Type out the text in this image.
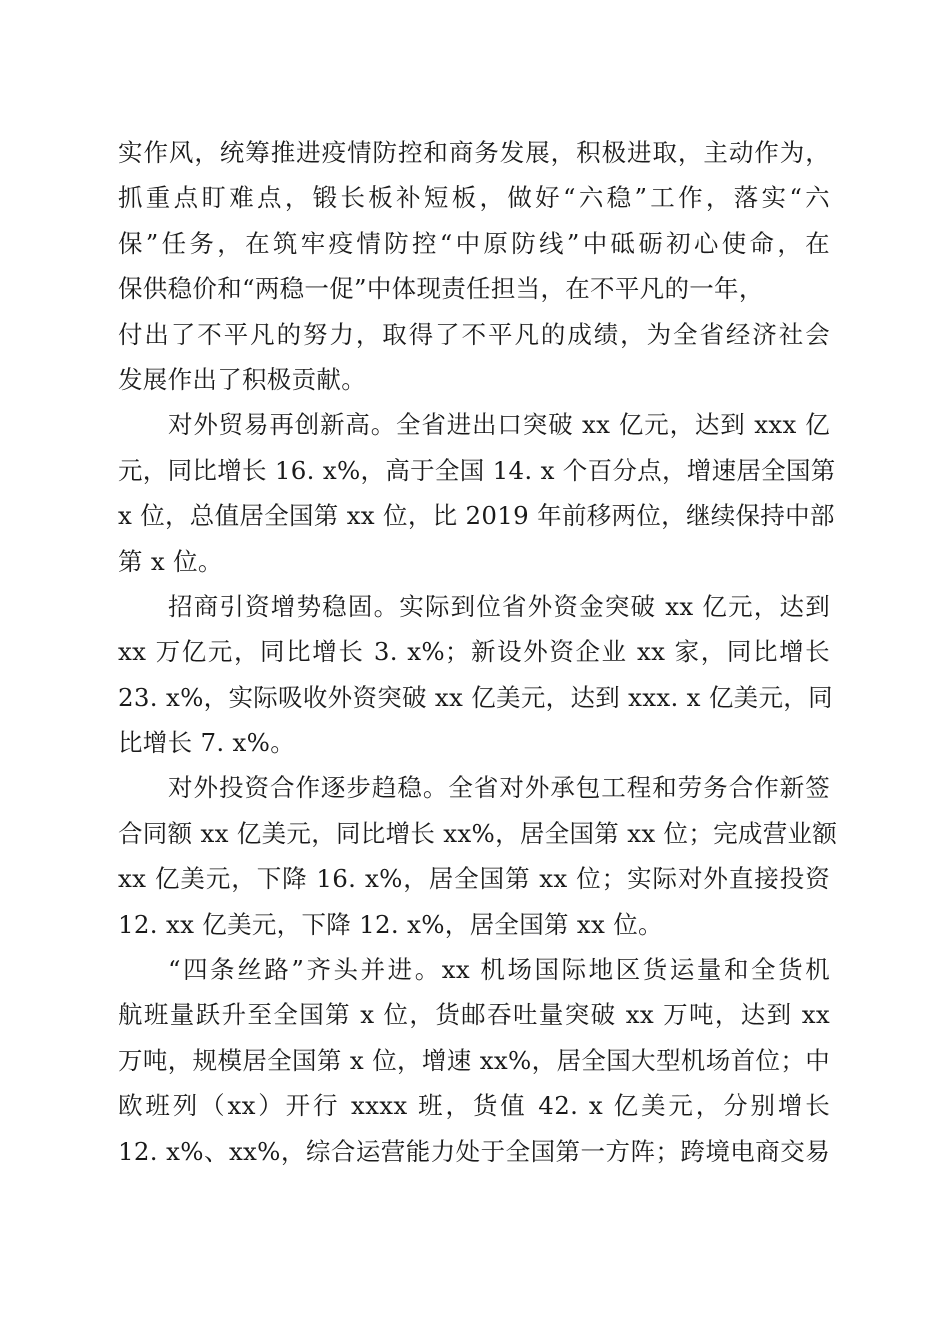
实作风，统筹推进疫情防控和商务发展，积极进取，主动作为，
抓重点盯难点，锻长板补短板，做好“六稳”工作，落实“六
保”任务，在筑牢疫情防控“中原防线”中砥砺初心使命，在
保供稳价和“两稳一促”中体现责任担当，在不平凡的一年，
付出了不平凡的努力，取得了不平凡的成绩，为全省经济社会
发展作出了积极贡献。
对外贸易再创新高。全省进出口突破 xx 亿元，达到 xxx 亿
元，同比增长 16. x%，高于全国 14. x 个百分点，增速居全国第
x 位，总值居全国第 xx 位，比 2019 年前移两位，继续保持中部
第 x 位。
招商引资增势稳固。实际到位省外资金突破 xx 亿元，达到
xx 万亿元，同比增长 3. x%；新设外资企业 xx 家，同比增长
23. x%，实际吸收外资突破 xx 亿美元，达到 xxx. x 亿美元，同
比增长 7. x%。
对外投资合作逐步趋稳。全省对外承包工程和劳务合作新签
合同额 xx 亿美元，同比增长 xx%，居全国第 xx 位；完成营业额
xx 亿美元，下降 16. x%，居全国第 xx 位；实际对外直接投资
12. xx 亿美元，下降 12. x%，居全国第 xx 位。
“四条丝路”齐头并进。xx 机场国际地区货运量和全货机
航班量跃升至全国第 x 位，货邮吞吐量突破 xx 万吨，达到 xx
万吨，规模居全国第 x 位，增速 xx%，居全国大型机场首位；中
欧班列（xx）开行 xxxx 班，货值 42. x 亿美元，分别增长
12. x%、xx%，综合运营能力处于全国第一方阵；跨境电商交易
